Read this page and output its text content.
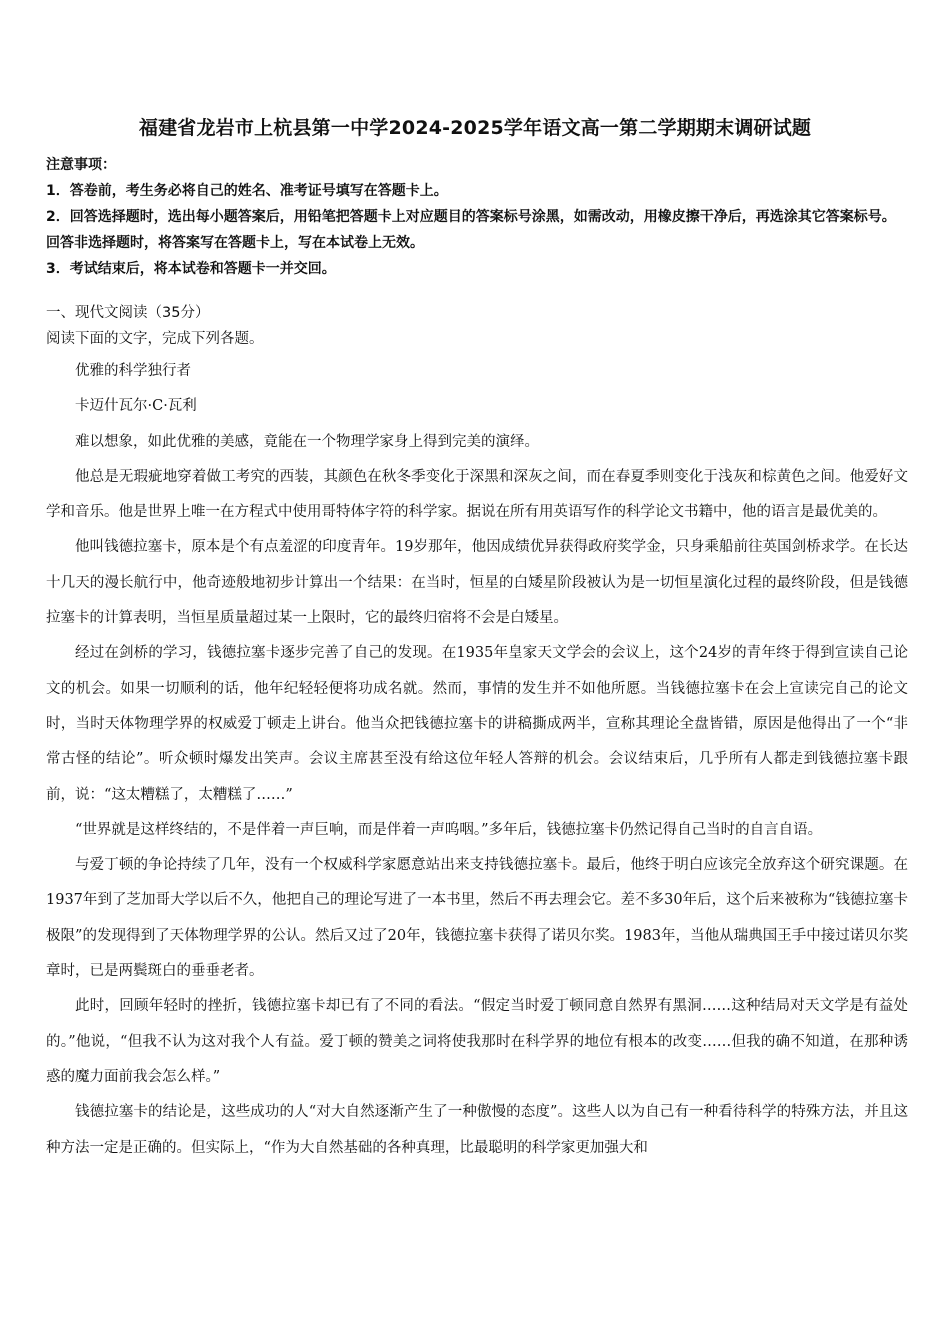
福建省龙岩市上杭县第一中学2024-2025学年语文高一第二学期期末调研试题

注意事项：

1．答卷前，考生务必将自己的姓名、准考证号填写在答题卡上。

2．回答选择题时，选出每小题答案后，用铅笔把答题卡上对应题目的答案标号涂黑，如需改动，用橡皮擦干净后，再选涂其它答案标号。回答非选择题时，将答案写在答题卡上，写在本试卷上无效。

3．考试结束后，将本试卷和答题卡一并交回。

一、现代文阅读（35分）

阅读下面的文字，完成下列各题。

优雅的科学独行者

卡迈什瓦尔·C·瓦利

难以想象，如此优雅的美感，竟能在一个物理学家身上得到完美的演绎。

他总是无瑕疵地穿着做工考究的西装，其颜色在秋冬季变化于深黑和深灰之间，而在春夏季则变化于浅灰和棕黄色之间。他爱好文学和音乐。他是世界上唯一在方程式中使用哥特体字符的科学家。据说在所有用英语写作的科学论文书籍中，他的语言是最优美的。

他叫钱德拉塞卡，原本是个有点羞涩的印度青年。19岁那年，他因成绩优异获得政府奖学金，只身乘船前往英国剑桥求学。在长达十几天的漫长航行中，他奇迹般地初步计算出一个结果：在当时，恒星的白矮星阶段被认为是一切恒星演化过程的最终阶段，但是钱德拉塞卡的计算表明，当恒星质量超过某一上限时，它的最终归宿将不会是白矮星。

经过在剑桥的学习，钱德拉塞卡逐步完善了自己的发现。在1935年皇家天文学会的会议上，这个24岁的青年终于得到宣读自己论文的机会。如果一切顺利的话，他年纪轻轻便将功成名就。然而，事情的发生并不如他所愿。当钱德拉塞卡在会上宣读完自己的论文时，当时天体物理学界的权威爱丁顿走上讲台。他当众把钱德拉塞卡的讲稿撕成两半，宣称其理论全盘皆错，原因是他得出了一个“非常古怪的结论”。听众顿时爆发出笑声。会议主席甚至没有给这位年轻人答辩的机会。会议结束后，几乎所有人都走到钱德拉塞卡跟前，说：“这太糟糕了，太糟糕了……”

“世界就是这样终结的，不是伴着一声巨响，而是伴着一声呜咽。”多年后，钱德拉塞卡仍然记得自己当时的自言自语。

与爱丁顿的争论持续了几年，没有一个权威科学家愿意站出来支持钱德拉塞卡。最后，他终于明白应该完全放弃这个研究课题。在1937年到了芝加哥大学以后不久，他把自己的理论写进了一本书里，然后不再去理会它。差不多30年后，这个后来被称为“钱德拉塞卡极限”的发现得到了天体物理学界的公认。然后又过了20年，钱德拉塞卡获得了诺贝尔奖。1983年，当他从瑞典国王手中接过诺贝尔奖章时，已是两鬓斑白的垂垂老者。

此时，回顾年轻时的挫折，钱德拉塞卡却已有了不同的看法。“假定当时爱丁顿同意自然界有黑洞……这种结局对天文学是有益处的。”他说，“但我不认为这对我个人有益。爱丁顿的赞美之词将使我那时在科学界的地位有根本的改变……但我的确不知道，在那种诱惑的魔力面前我会怎么样。”

钱德拉塞卡的结论是，这些成功的人“对大自然逐渐产生了一种傲慢的态度”。这些人以为自己有一种看待科学的特殊方法，并且这种方法一定是正确的。但实际上，“作为大自然基础的各种真理，比最聪明的科学家更加强大和
